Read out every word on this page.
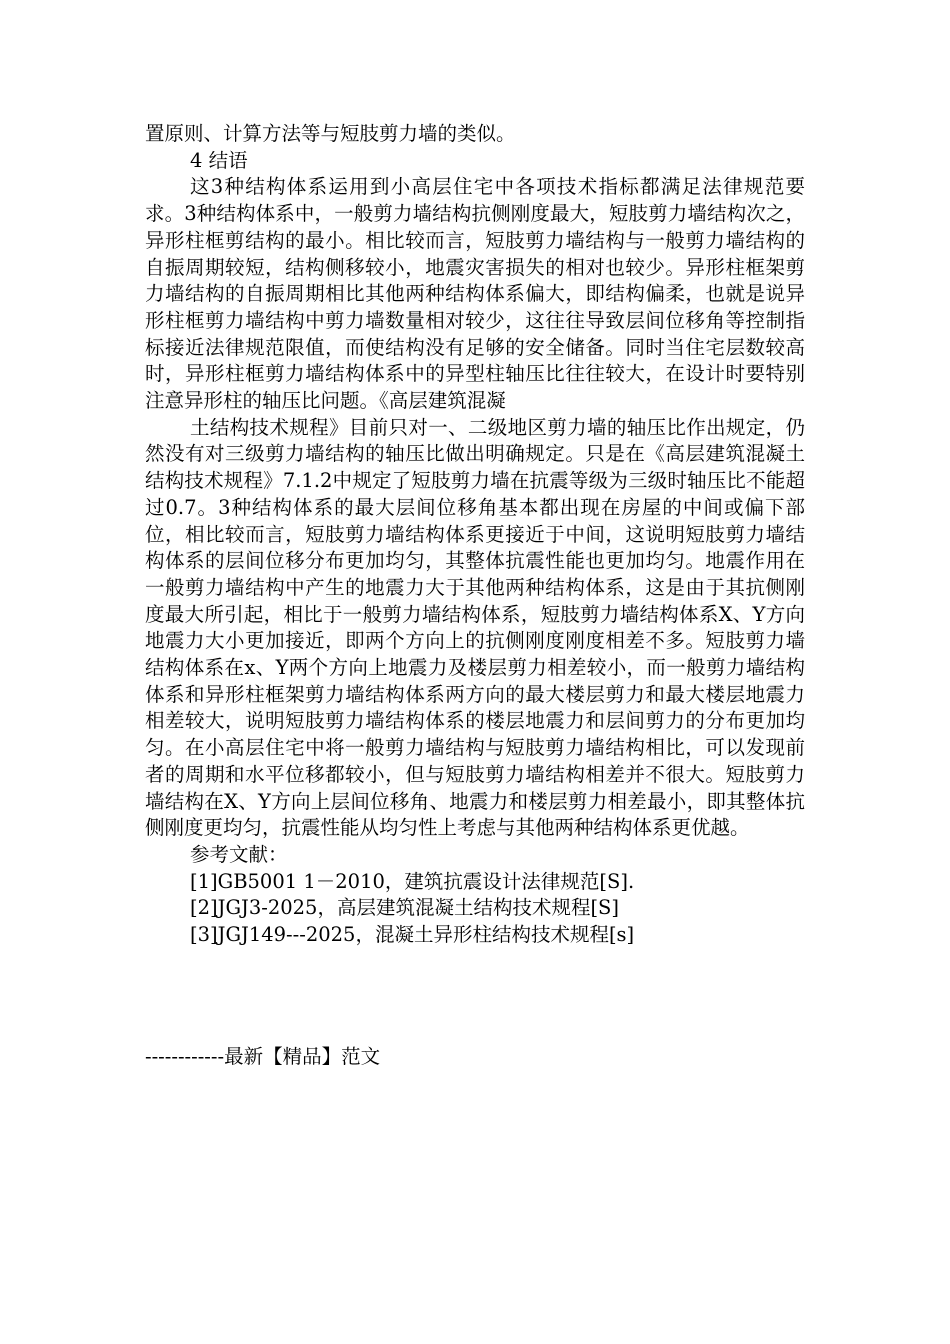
置原则、计算方法等与短肢剪力墙的类似。

4 结语

这3种结构体系运用到小高层住宅中各项技术指标都满足法律规范要求。3种结构体系中，一般剪力墙结构抗侧刚度最大，短肢剪力墙结构次之，异形柱框剪结构的最小。相比较而言，短肢剪力墙结构与一般剪力墙结构的自振周期较短，结构侧移较小，地震灾害损失的相对也较少。异形柱框架剪力墙结构的自振周期相比其他两种结构体系偏大，即结构偏柔，也就是说异形柱框剪力墙结构中剪力墙数量相对较少，这往往导致层间位移角等控制指标接近法律规范限值，而使结构没有足够的安全储备。同时当住宅层数较高时，异形柱框剪力墙结构体系中的异型柱轴压比往往较大，在设计时要特别注意异形柱的轴压比问题。《高层建筑混凝

土结构技术规程》目前只对一、二级地区剪力墙的轴压比作出规定，仍然没有对三级剪力墙结构的轴压比做出明确规定。只是在《高层建筑混凝土结构技术规程》7.1.2中规定了短肢剪力墙在抗震等级为三级时轴压比不能超过0.7。3种结构体系的最大层间位移角基本都出现在房屋的中间或偏下部位，相比较而言，短肢剪力墙结构体系更接近于中间，这说明短肢剪力墙结构体系的层间位移分布更加均匀，其整体抗震性能也更加均匀。地震作用在一般剪力墙结构中产生的地震力大于其他两种结构体系，这是由于其抗侧刚度最大所引起，相比于一般剪力墙结构体系，短肢剪力墙结构体系X、Y方向地震力大小更加接近，即两个方向上的抗侧刚度刚度相差不多。短肢剪力墙结构体系在x、Y两个方向上地震力及楼层剪力相差较小，而一般剪力墙结构体系和异形柱框架剪力墙结构体系两方向的最大楼层剪力和最大楼层地震力相差较大，说明短肢剪力墙结构体系的楼层地震力和层间剪力的分布更加均匀。在小高层住宅中将一般剪力墙结构与短肢剪力墙结构相比，可以发现前者的周期和水平位移都较小，但与短肢剪力墙结构相差并不很大。短肢剪力墙结构在X、Y方向上层间位移角、地震力和楼层剪力相差最小，即其整体抗侧刚度更均匀，抗震性能从均匀性上考虑与其他两种结构体系更优越。

参考文献：

[1]GB5001 1－2010，建筑抗震设计法律规范[S].

[2]JGJ3-2025，高层建筑混凝土结构技术规程[S]

[3]JGJ149---2025，混凝土异形柱结构技术规程[s]

------------最新【精品】范文
